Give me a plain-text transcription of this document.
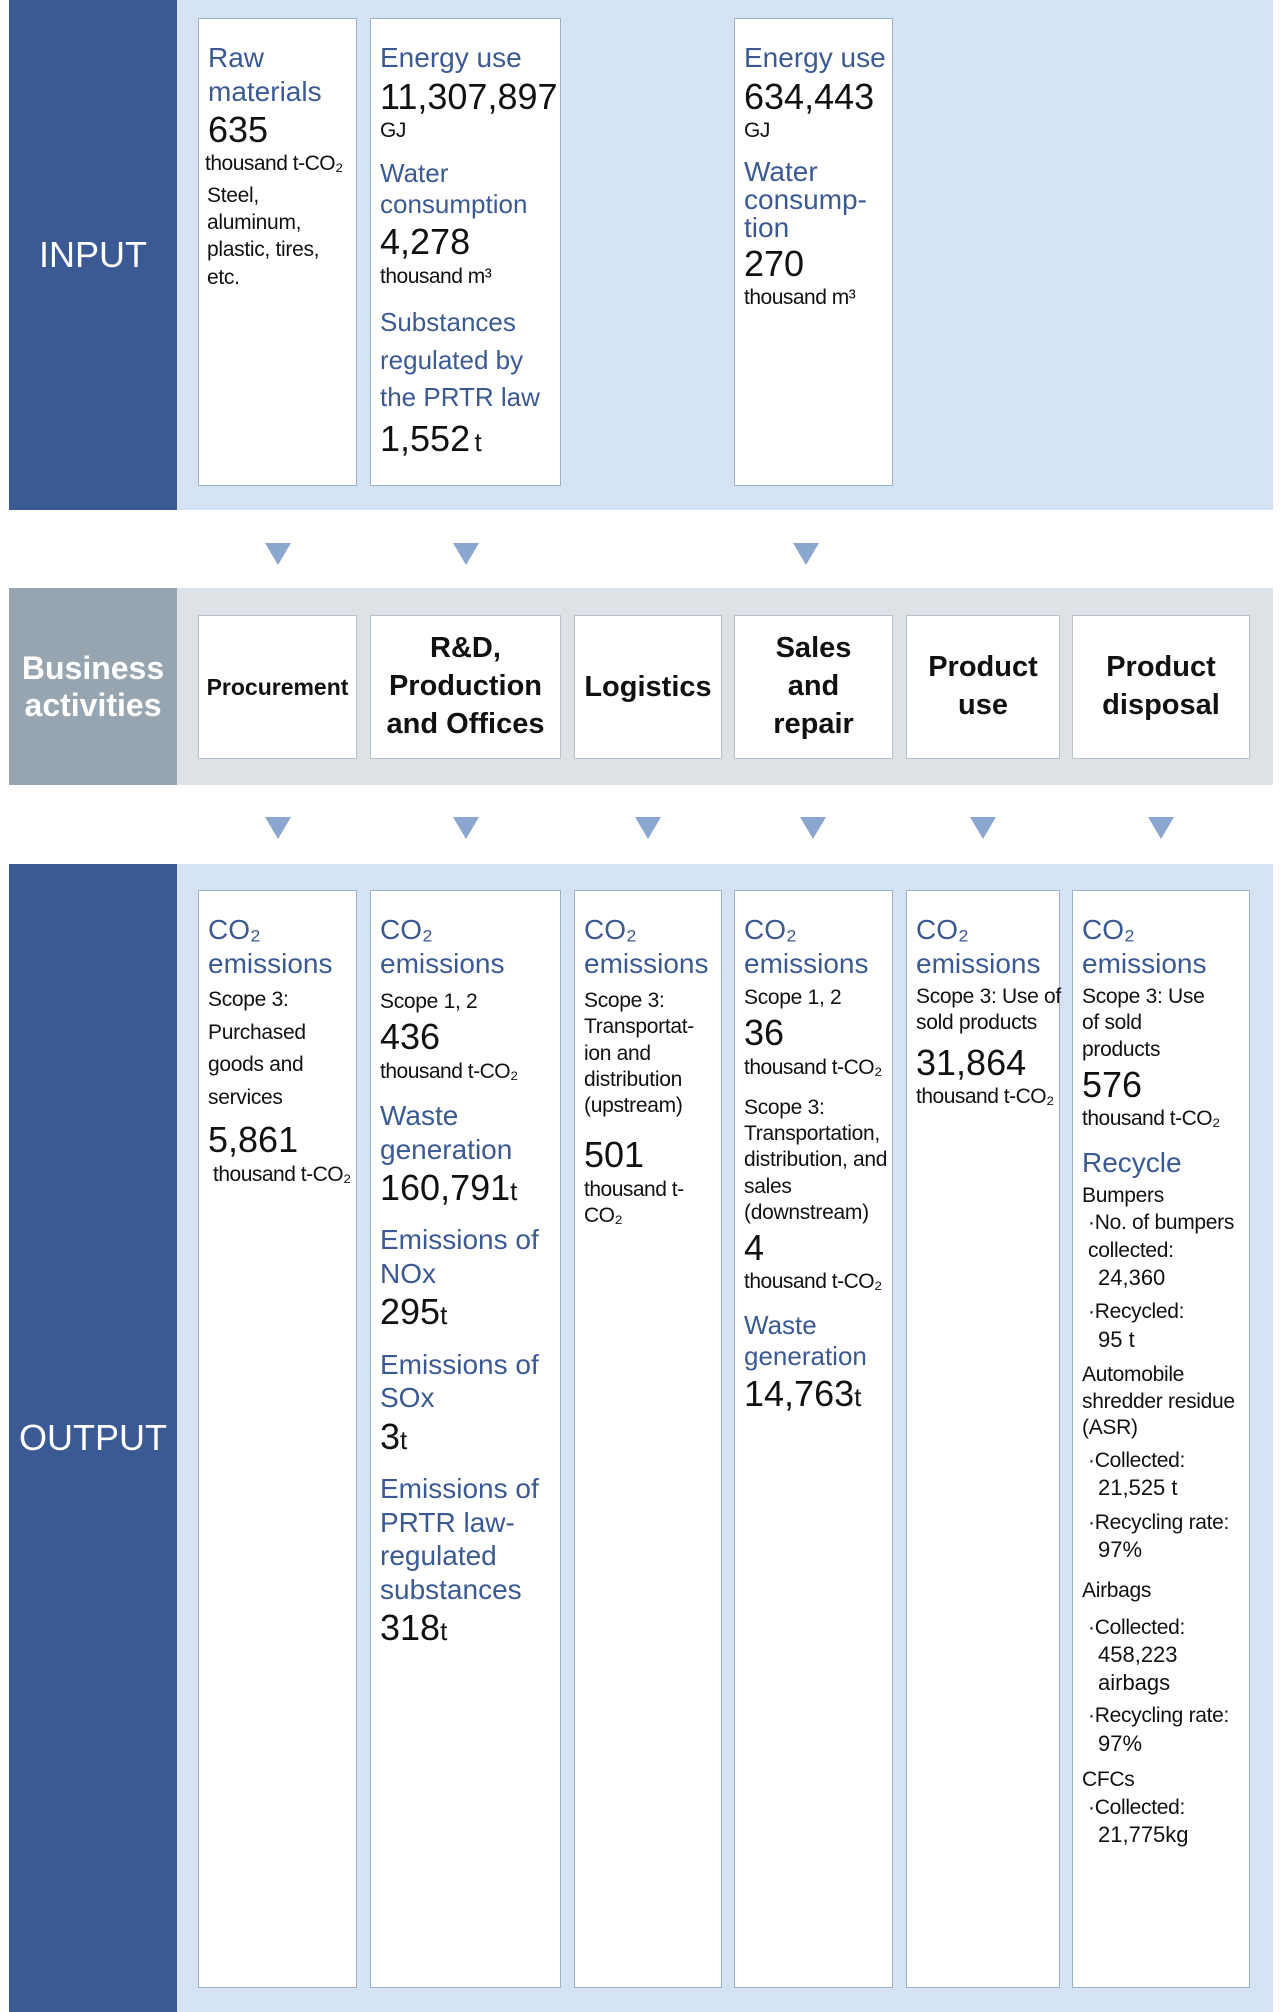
INPUT
Raw materials
635
thousand t-CO₂
Steel, aluminum, plastic, tires, etc.
Energy use
11,307,897
GJ
Water consumption
4,278
thousand m³
Substances regulated by the PRTR law
1,552 t
Energy use
634,443
GJ
Water consump- tion
270
thousand m³
Business activities Procurement
R&D, Production and Offices
Logistics
Sales and repair
Product use
Product disposal
OUTPUT
CO₂ emissions
Scope 3: Purchased goods and services
5,861
thousand t-CO₂
CO₂ emissions
Scope 1, 2
436
thousand t-CO₂
Waste generation
160,791t
Emissions of NOx
295t
Emissions of SOx
3t
Emissions of PRTR law-regulated substances
318t
CO₂ emissions
Scope 3: Transportat- ion and distribution (upstream)
501
thousand t-CO₂
CO₂ emissions
Scope 1, 2
36
thousand t-CO₂
Scope 3: Transportation, distribution, and sales (downstream)
4
thousand t-CO₂
Waste generation
14,763t
CO₂ emissions
Scope 3: Use of sold products
31,864
thousand t-CO₂
CO₂ emissions
Scope 3: Use of sold products
576
thousand t-CO₂
Recycle
Bumpers
·No. of bumpers collected:
24,360
·Recycled:
95 t
Automobile shredder residue (ASR)
·Collected:
21,525 t
·Recycling rate:
97%
Airbags
·Collected:
458,223 airbags
·Recycling rate:
97%
CFCs
·Collected:
21,775kg
